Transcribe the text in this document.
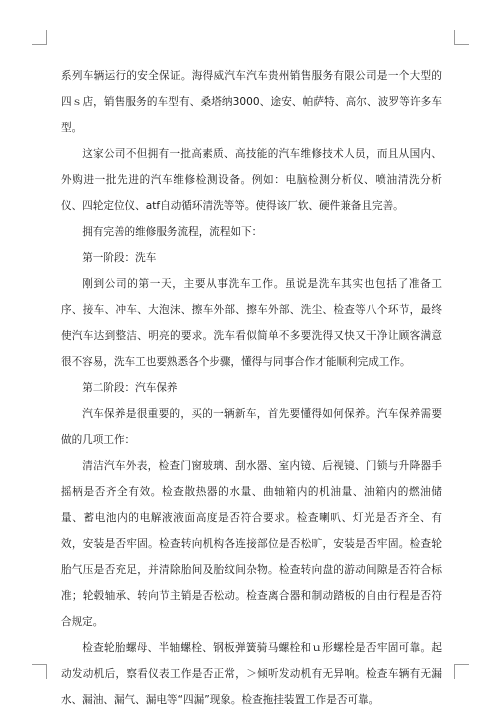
系列车辆运行的安全保证。海得威汽车汽车贵州销售服务有限公司是一个大型的四ｓ店，销售服务的车型有、桑塔纳3000、途安、帕萨特、高尔、波罗等许多车型。

这家公司不但拥有一批高素质、高技能的汽车维修技术人员，而且从国内、外购进一批先进的汽车维修检测设备。例如：电脑检测分析仪、喷油清洗分析仪、四轮定位仪、atf自动循环清洗等等。使得该厂软、硬件兼备且完善。

拥有完善的维修服务流程，流程如下：

第一阶段：洗车

刚到公司的第一天，主要从事洗车工作。虽说是洗车其实也包括了准备工序、接车、冲车、大泡沫、擦车外部、擦车外部、洗尘、检查等八个环节，最终使汽车达到整洁、明亮的要求。洗车看似简单不多要洗得又快又干净让顾客满意很不容易，洗车工也要熟悉各个步骤，懂得与同事合作才能顺利完成工作。

第二阶段：汽车保养

汽车保养是很重要的，买的一辆新车，首先要懂得如何保养。汽车保养需要做的几项工作：

清洁汽车外表，检查门窗玻璃、刮水器、室内镜、后视镜、门锁与升降器手摇柄是否齐全有效。检查散热器的水量、曲轴箱内的机油量、油箱内的燃油储量、蓄电池内的电解液液面高度是否符合要求。检查喇叭、灯光是否齐全、有效，安装是否牢固。检查转向机构各连接部位是否松旷，安装是否牢固。检查轮胎气压是否充足，并清除胎间及胎纹间杂物。检查转向盘的游动间隙是否符合标准；轮毂轴承、转向节主销是否松动。检查离合器和制动踏板的自由行程是否符合规定。

检查轮胎螺母、半轴螺栓、钢板弹簧骑马螺栓和ｕ形螺栓是否牢固可靠。起动发动机后，察看仪表工作是否正常，＞倾听发动机有无异响。检查车辆有无漏水、漏油、漏气、漏电等“四漏”现象。检查拖挂装置工作是否可靠。
